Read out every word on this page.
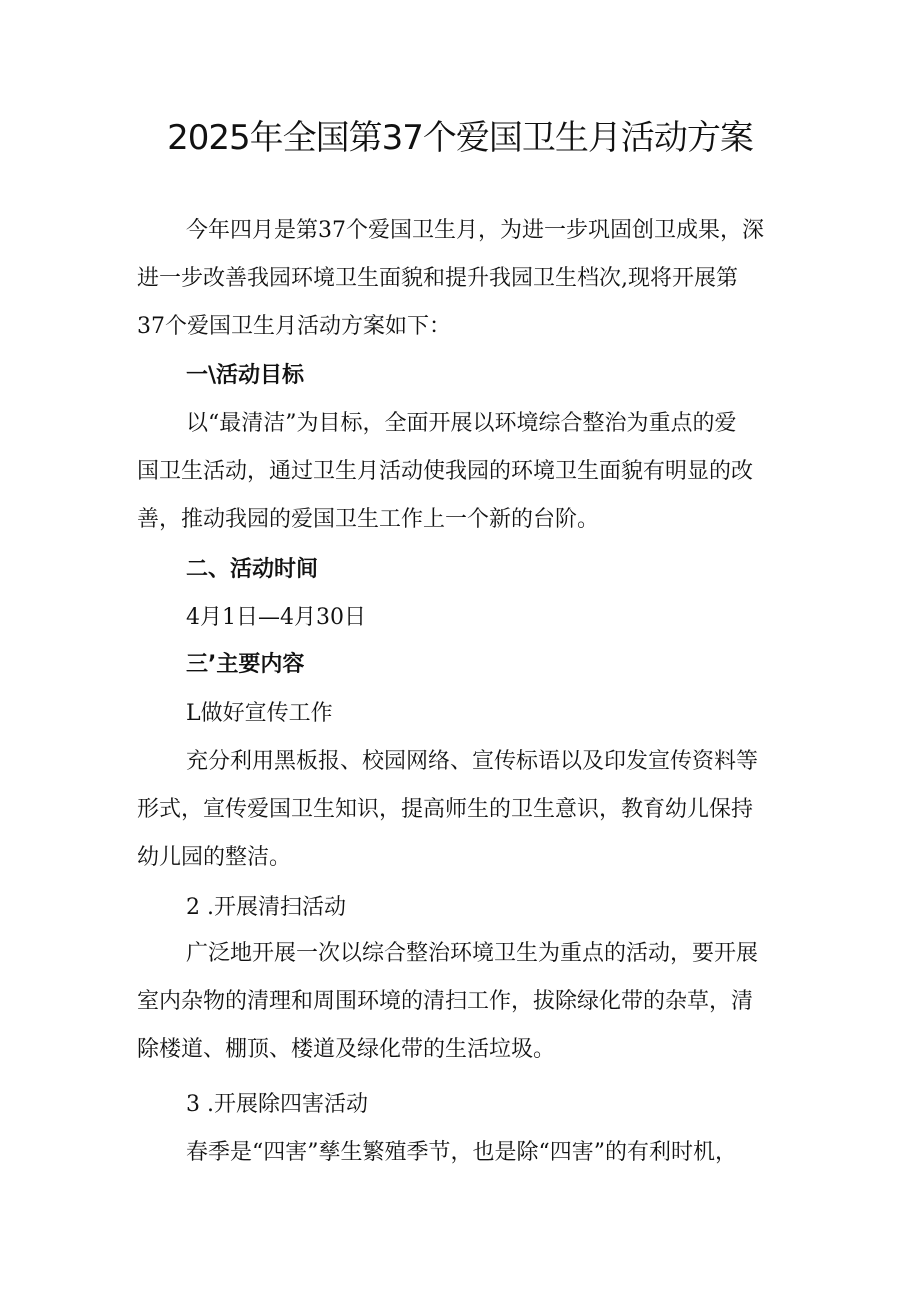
2025年全国第37个爱国卫生月活动方案

今年四月是第37个爱国卫生月，为进一步巩固创卫成果，深

进一步改善我园环境卫生面貌和提升我园卫生档次,现将开展第

37个爱国卫生月活动方案如下：

一\活动目标

以“最清洁”为目标，全面开展以环境综合整治为重点的爱

国卫生活动，通过卫生月活动使我园的环境卫生面貌有明显的改

善，推动我园的爱国卫生工作上一个新的台阶。

二、活动时间

4月1日—4月30日

三’主要内容

L做好宣传工作

充分利用黑板报、校园网络、宣传标语以及印发宣传资料等

形式，宣传爱国卫生知识，提高师生的卫生意识，教育幼儿保持

幼儿园的整洁。

2 .开展清扫活动

广泛地开展一次以综合整治环境卫生为重点的活动，要开展

室内杂物的清理和周围环境的清扫工作，拔除绿化带的杂草，清

除楼道、棚顶、楼道及绿化带的生活垃圾。

3 .开展除四害活动

春季是“四害”孳生繁殖季节，也是除“四害”的有利时机，
